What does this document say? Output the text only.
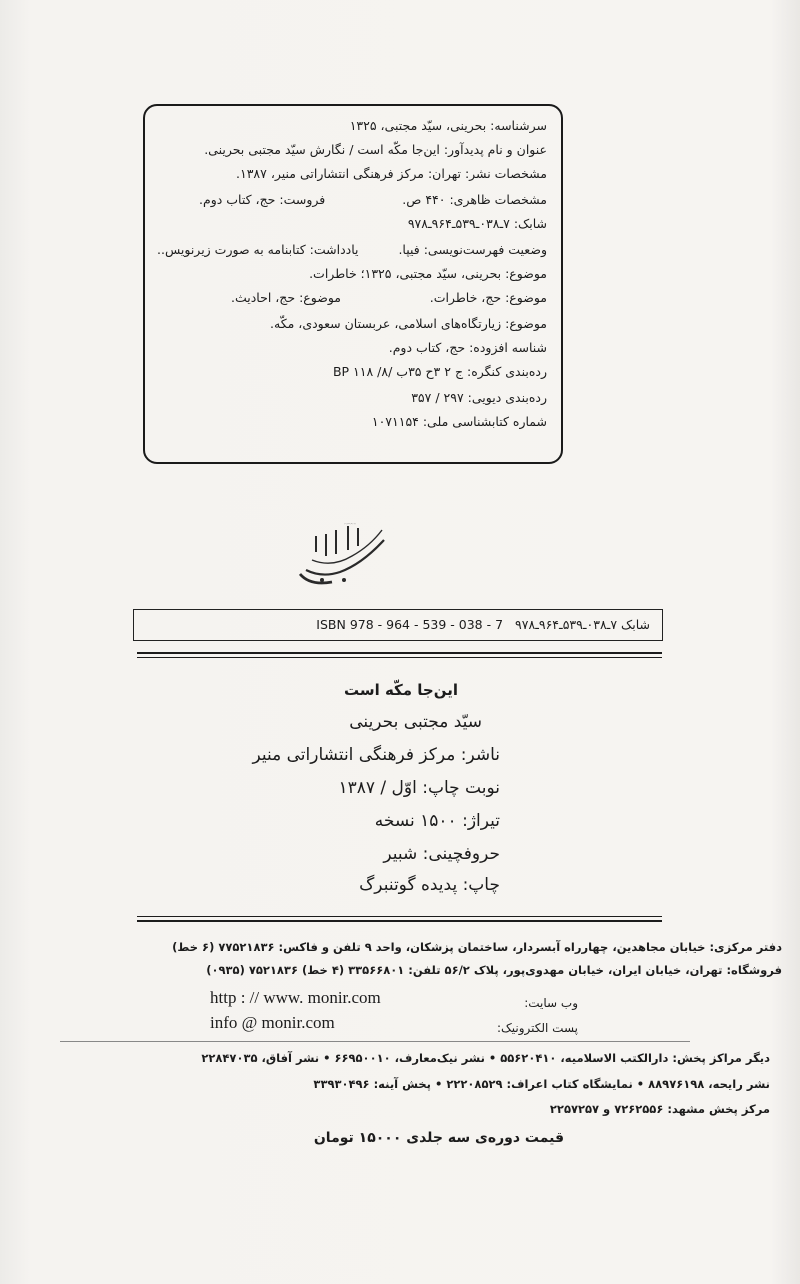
سرشناسه: بحرینی، سیّد مجتبی، ۱۳۲۵
عنوان و نام پدیدآور: این‌جا مکّه است / نگارش سیّد مجتبی بحرینی.
مشخصات نشر: تهران: مرکز فرهنگی انتشاراتی منیر، ۱۳۸۷.
مشخصات ظاهری: ۴۴۰ ص.
فروست: حج، کتاب دوم.
شابک: ۷ـ۰۳۸ـ۵۳۹ـ۹۶۴ـ۹۷۸
وضعیت فهرست‌نویسی: فیپا.
یادداشت: کتابنامه به صورت زیرنویس..
موضوع: بحرینی، سیّد مجتبی، ۱۳۲۵؛ خاطرات.
موضوع: حج، خاطرات.
موضوع: حج، احادیث.
موضوع: زیارتگاه‌های اسلامی، عربستان سعودی، مکّه.
شناسه افزوده: حج، کتاب دوم.
رده‌بندی کنگره: ج ۲ ۳ح ۳۵ب /۸/ BP ۱۱۸
رده‌بندی دیویی: ۲۹۷ / ۳۵۷
شماره کتابشناسی ملی: ۱۰۷۱۱۵۴
مرکز فرهنگی انتشاراتی منیر
ISBN 978 - 964 - 539 - 038 - 7 شابک ۷ـ۰۳۸ـ۵۳۹ـ۹۶۴ـ۹۷۸
این‌جا مکّه است
سیّد مجتبی بحرینی
ناشر: مرکز فرهنگی انتشاراتی منیر
نوبت چاپ: اوّل / ۱۳۸۷
تیراژ: ۱۵۰۰ نسخه
حروفچینی: شبیر
چاپ: پدیده گوتنبرگ
دفتر مرکزی: خیابان مجاهدین، چهارراه آبسردار، ساختمان پزشکان، واحد ۹ تلفن و فاکس: ۷۷۵۲۱۸۳۶ (۶ خط)
فروشگاه: تهران، خیابان ایران، خیابان مهدوی‌پور، پلاک ۵۶/۲ تلفن: ۳۳۵۶۶۸۰۱ (۴ خط) ۷۵۲۱۸۳۶ (۰۹۳۵)
وب سایت:
http : // www. monir.com
پست الکترونیک:
info @ monir.com
دیگر مراکز پخش: دارالکتب الاسلامیه، ۵۵۶۲۰۴۱۰ • نشر نیک‌معارف، ۶۶۹۵۰۰۱۰ • نشر آفاق، ۲۲۸۴۷۰۳۵
نشر رایحه، ۸۸۹۷۶۱۹۸ • نمایشگاه کتاب اعراف: ۲۲۲۰۸۵۲۹ • پخش آینه: ۳۳۹۳۰۴۹۶
مرکز پخش مشهد: ۷۲۶۲۵۵۶ و ۲۲۵۷۲۵۷
قیمت دوره‌ی سه جلدی ۱۵۰۰۰ تومان
